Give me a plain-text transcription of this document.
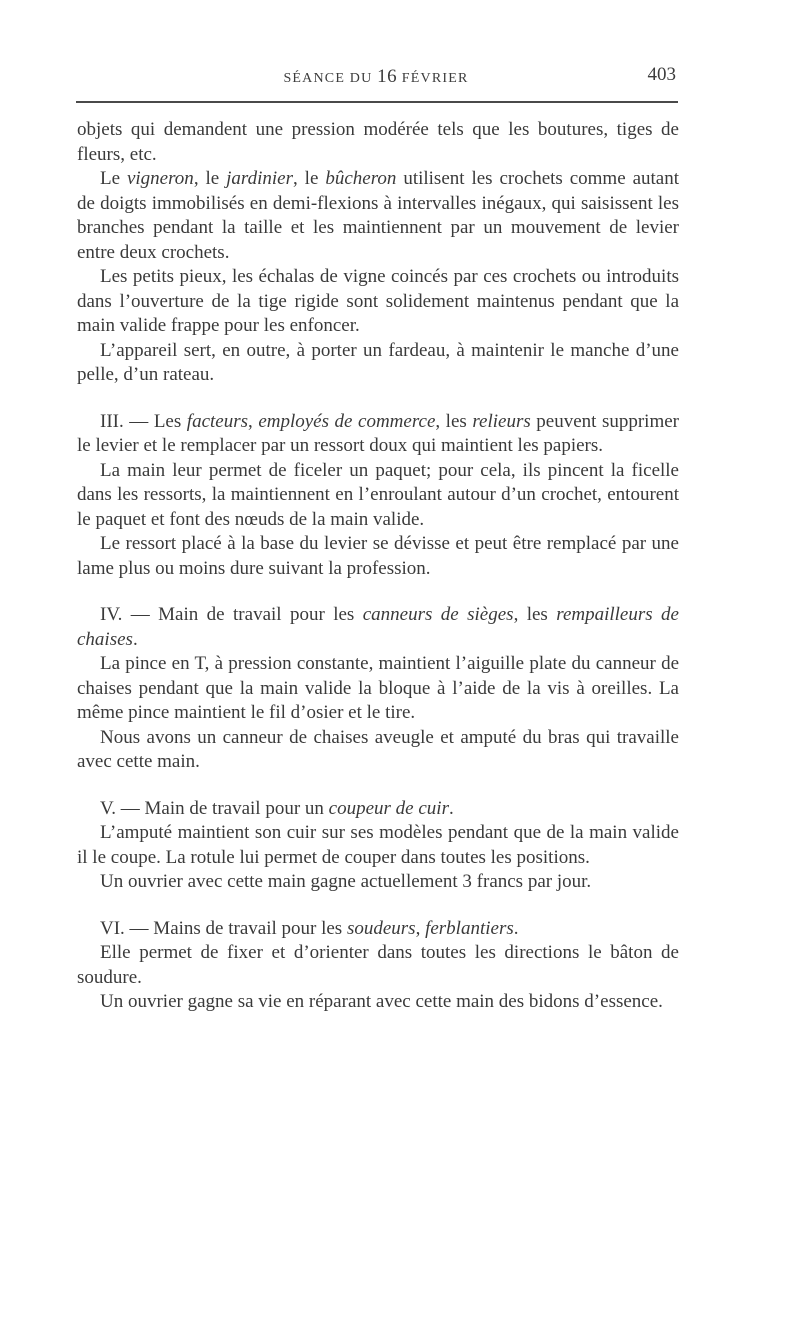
SÉANCE DU 16 FÉVRIER	403

objets qui demandent une pression modérée tels que les boutures, tiges de fleurs, etc.

Le vigneron, le jardinier, le bûcheron utilisent les crochets comme autant de doigts immobilisés en demi-flexions à intervalles inégaux, qui saisissent les branches pendant la taille et les maintiennent par un mouvement de levier entre deux crochets.

Les petits pieux, les échalas de vigne coincés par ces crochets ou introduits dans l’ouverture de la tige rigide sont solidement maintenus pendant que la main valide frappe pour les enfoncer.

L’appareil sert, en outre, à porter un fardeau, à maintenir le manche d’une pelle, d’un rateau.

III. — Les facteurs, employés de commerce, les relieurs peuvent supprimer le levier et le remplacer par un ressort doux qui maintient les papiers.

La main leur permet de ficeler un paquet; pour cela, ils pincent la ficelle dans les ressorts, la maintiennent en l’enroulant autour d’un crochet, entourent le paquet et font des nœuds de la main valide.

Le ressort placé à la base du levier se dévisse et peut être remplacé par une lame plus ou moins dure suivant la profession.

IV. — Main de travail pour les canneurs de sièges, les rempailleurs de chaises.

La pince en T, à pression constante, maintient l’aiguille plate du canneur de chaises pendant que la main valide la bloque à l’aide de la vis à oreilles. La même pince maintient le fil d’osier et le tire.

Nous avons un canneur de chaises aveugle et amputé du bras qui travaille avec cette main.

V. — Main de travail pour un coupeur de cuir.

L’amputé maintient son cuir sur ses modèles pendant que de la main valide il le coupe. La rotule lui permet de couper dans toutes les positions.

Un ouvrier avec cette main gagne actuellement 3 francs par jour.

VI. — Mains de travail pour les soudeurs, ferblantiers.

Elle permet de fixer et d’orienter dans toutes les directions le bâton de soudure.

Un ouvrier gagne sa vie en réparant avec cette main des bidons d’essence.
